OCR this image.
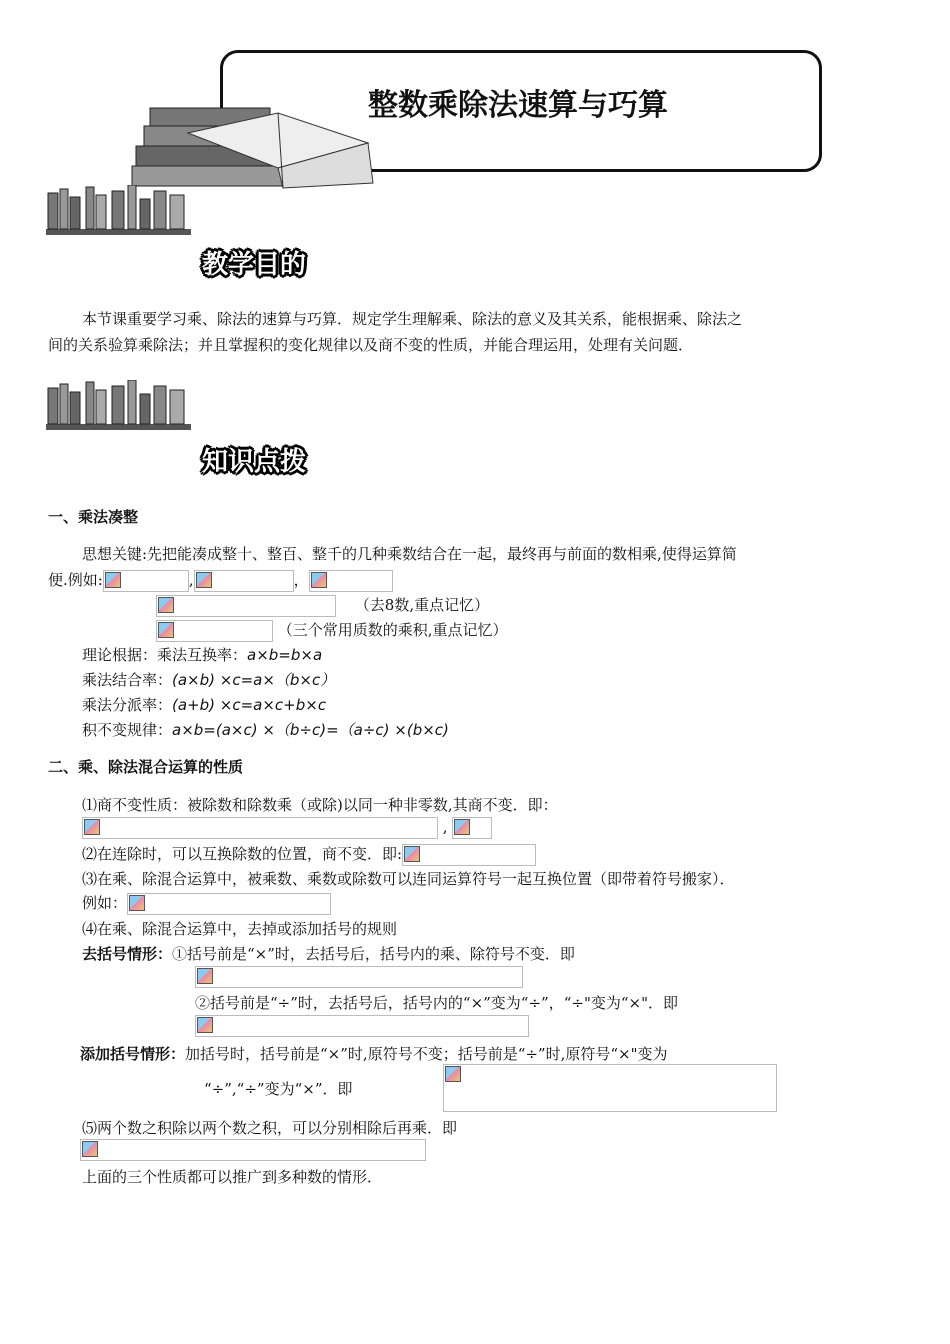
整数乘除法速算与巧算
教学目的
本节课重要学习乘、除法的速算与巧算．规定学生理解乘、除法的意义及其关系，能根据乘、除法之
间的关系验算乘除法；并且掌握积的变化规律以及商不变的性质，并能合理运用，处理有关问题．
知识点拨
一、乘法凑整
思想关键:先把能凑成整十、整百、整千的几种乘数结合在一起，最终再与前面的数相乘,使得运算简
便.例如:	,	，
（去8数,重点记忆）
（三个常用质数的乘积,重点记忆）
理论根据：乘法互换率：a×b=b×a
乘法结合率：(a×b) ×c=a×（b×c）
乘法分派率：(a+b) ×c=a×c+b×c
积不变规律：a×b=(a×c) ×（b÷c)=（a÷c) ×(b×c)
二、乘、除法混合运算的性质
⑴商不变性质：被除数和除数乘（或除)以同一种非零数,其商不变．即：
,
⑵在连除时，可以互换除数的位置，商不变．即:
⑶在乘、除混合运算中，被乘数、乘数或除数可以连同运算符号一起互换位置（即带着符号搬家）．
例如：
⑷在乘、除混合运算中，去掉或添加括号的规则
去括号情形：①括号前是“×”时，去括号后，括号内的乘、除符号不变．即
②括号前是“÷”时，去括号后，括号内的“×”变为“÷”，“÷"变为“×"．即
添加括号情形：加括号时，括号前是“×”时,原符号不变；括号前是“÷”时,原符号“×"变为
“÷”,“÷”变为“×”．即
⑸两个数之积除以两个数之积，可以分别相除后再乘．即
上面的三个性质都可以推广到多种数的情形．
